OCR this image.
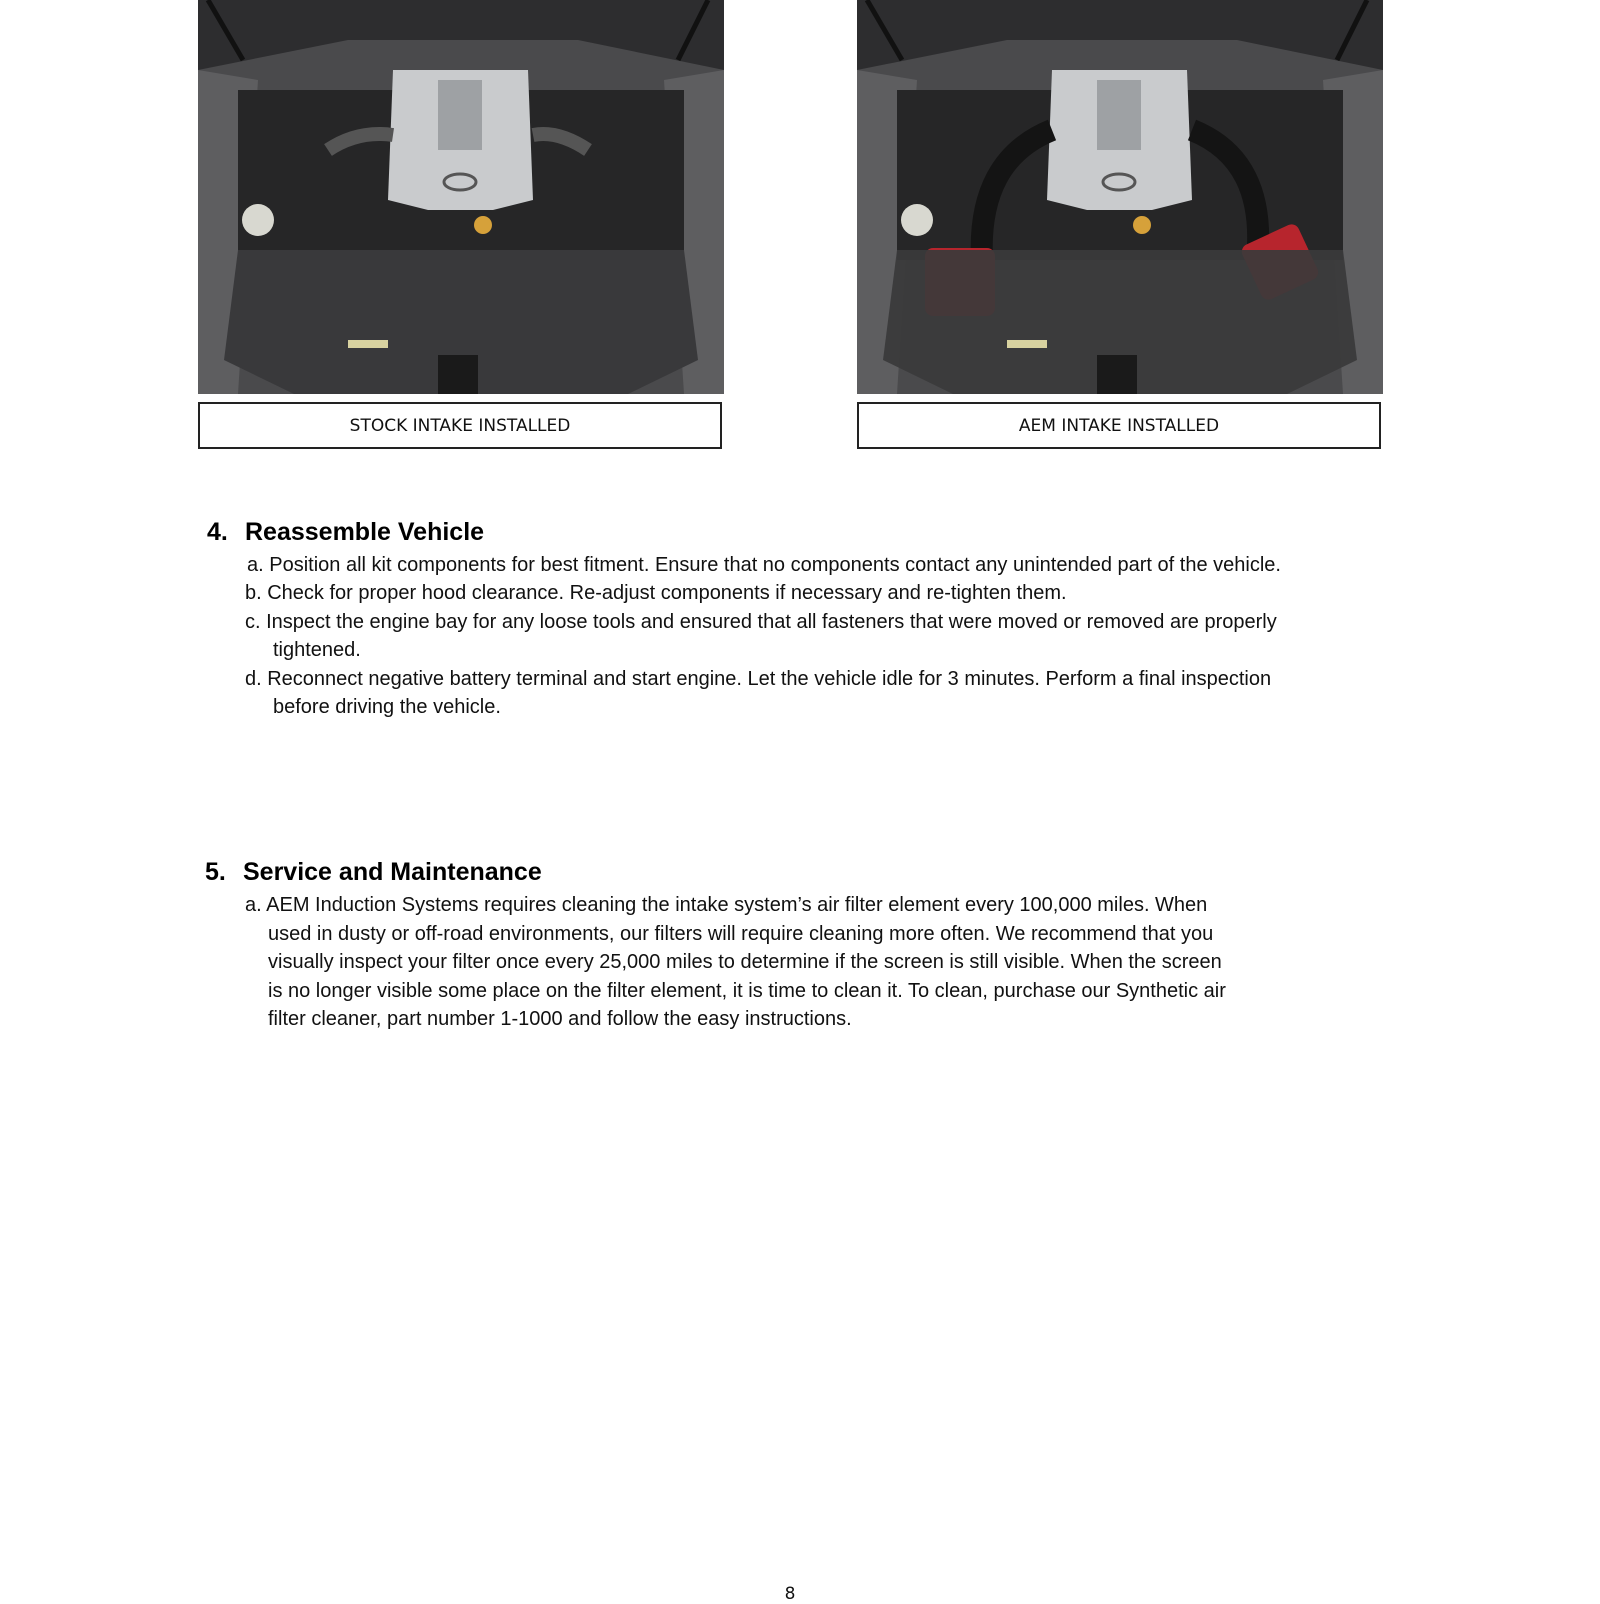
STOCK INTAKE INSTALLED	AEM INTAKE INSTALLED
4. Reassemble Vehicle
a. Position all kit components for best fitment. Ensure that no components contact any unintended part of the vehicle.
b. Check for proper hood clearance. Re-adjust components if necessary and re-tighten them.
c. Inspect the engine bay for any loose tools and ensured that all fasteners that were moved or removed are properly
tightened.
d. Reconnect negative battery terminal and start engine. Let the vehicle idle for 3 minutes. Perform a final inspection
before driving the vehicle.
5. Service and Maintenance
a. AEM Induction Systems requires cleaning the intake system’s air filter element every 100,000 miles. When
used in dusty or off-road environments, our filters will require cleaning more often. We recommend that you
visually inspect your filter once every 25,000 miles to determine if the screen is still visible. When the screen
is no longer visible some place on the filter element, it is time to clean it. To clean, purchase our Synthetic air
filter cleaner, part number 1-1000 and follow the easy instructions.
8
